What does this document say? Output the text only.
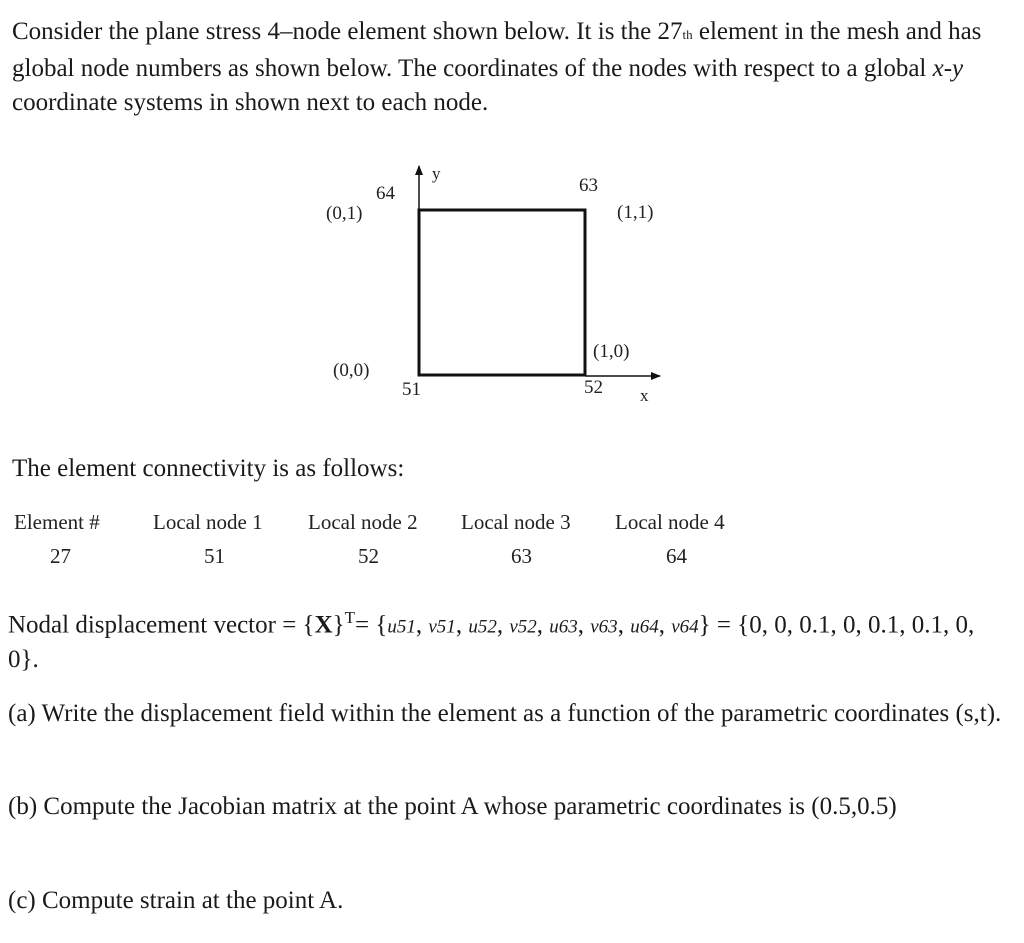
Consider the plane stress 4–node element shown below. It is the 27th element in the mesh and has global node numbers as shown below. The coordinates of the nodes with respect to a global x-y coordinate systems in shown next to each node.

y
x
64
(0,1)
63
(1,1)
(0,0)
51
(1,0)
52

The element connectivity is as follows:

Element #	Local node 1 Local node 2 Local node 3 Local node 4
27	51	52	63	64

Nodal displacement vector = $\{X\}^T= \{u51$, v51, u52, v52, u63, v63, u64, v64} = {0, 0, 0.1, 0, 0.1, 0.1, 0, 0}.

(a) Write the displacement field within the element as a function of the parametric coordinates (s,t).

(b) Compute the Jacobian matrix at the point A whose parametric coordinates is (0.5,0.5)

(c) Compute strain at the point A.
